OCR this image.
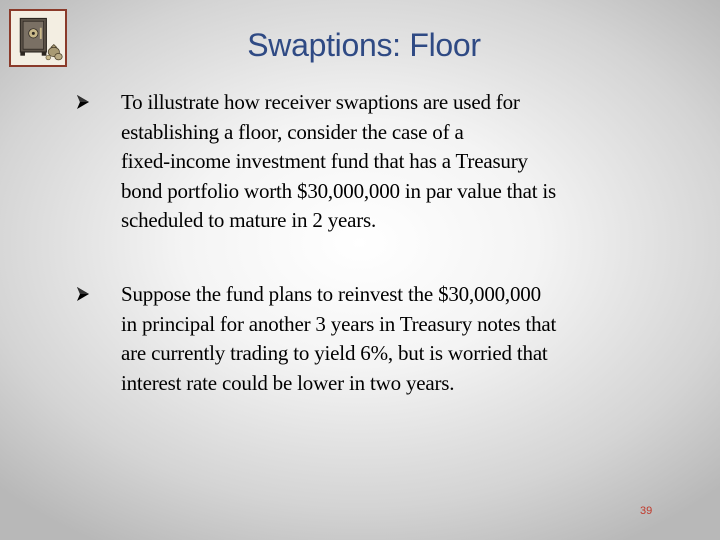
Swaptions: Floor
To illustrate how receiver swaptions are used for
establishing a floor, consider the case of a
fixed-income investment fund that has a Treasury
bond portfolio worth $30,000,000 in par value that is
scheduled to mature in 2 years.
Suppose the fund plans to reinvest the $30,000,000
in principal for another 3 years in Treasury notes that
are currently trading to yield 6%, but is worried that
interest rate could be lower in two years.
39
